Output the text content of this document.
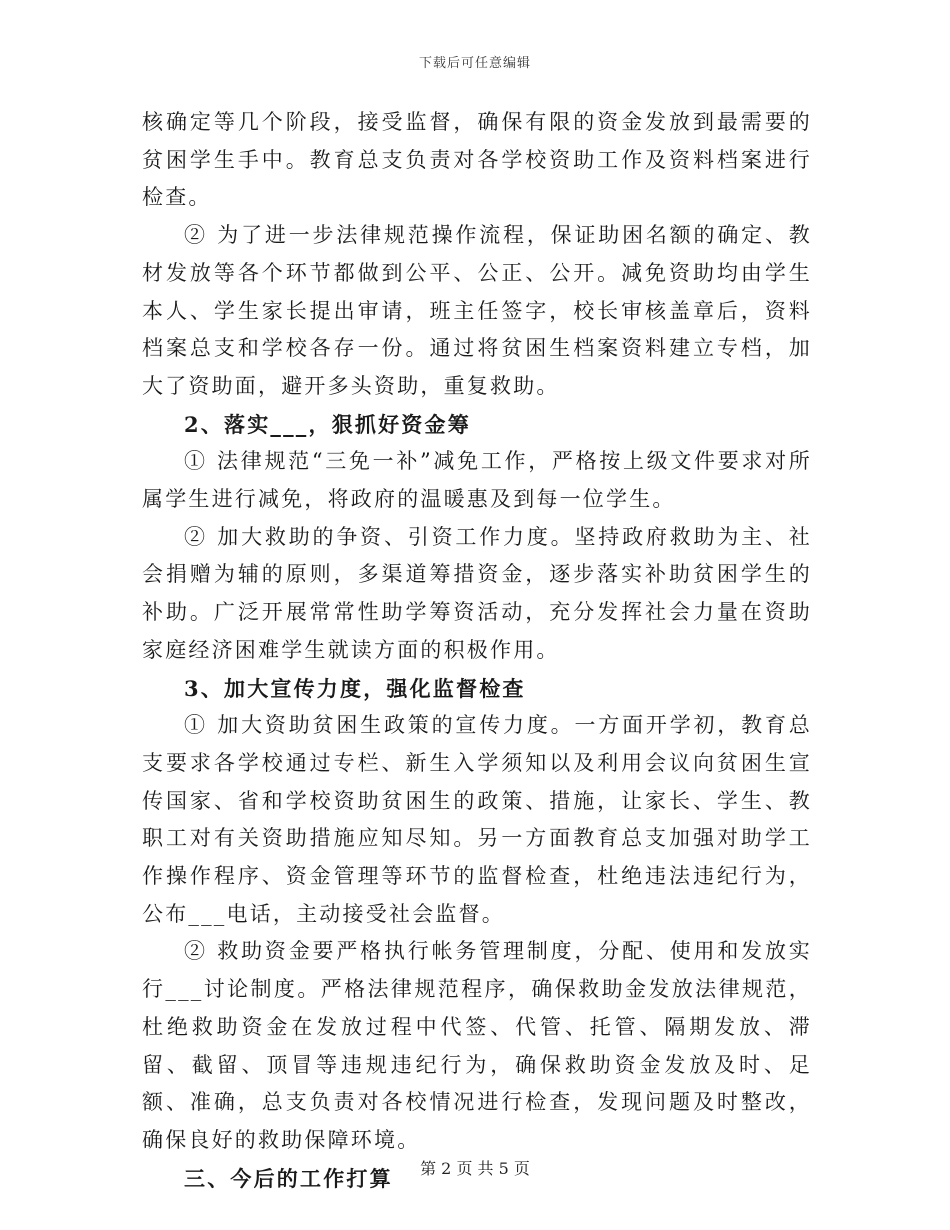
下载后可任意编辑

核确定等几个阶段，接受监督，确保有限的资金发放到最需要的贫困学生手中。教育总支负责对各学校资助工作及资料档案进行检查。

② 为了进一步法律规范操作流程，保证助困名额的确定、教材发放等各个环节都做到公平、公正、公开。减免资助均由学生本人、学生家长提出审请，班主任签字，校长审核盖章后，资料档案总支和学校各存一份。通过将贫困生档案资料建立专档，加大了资助面，避开多头资助，重复救助。

2、落实___，狠抓好资金筹

① 法律规范“三免一补”减免工作，严格按上级文件要求对所属学生进行减免，将政府的温暖惠及到每一位学生。

② 加大救助的争资、引资工作力度。坚持政府救助为主、社会捐赠为辅的原则，多渠道筹措资金，逐步落实补助贫困学生的补助。广泛开展常常性助学筹资活动，充分发挥社会力量在资助家庭经济困难学生就读方面的积极作用。

3、加大宣传力度，强化监督检查

① 加大资助贫困生政策的宣传力度。一方面开学初，教育总支要求各学校通过专栏、新生入学须知以及利用会议向贫困生宣传国家、省和学校资助贫困生的政策、措施，让家长、学生、教职工对有关资助措施应知尽知。另一方面教育总支加强对助学工作操作程序、资金管理等环节的监督检查，杜绝违法违纪行为，公布___电话，主动接受社会监督。

② 救助资金要严格执行帐务管理制度，分配、使用和发放实行___讨论制度。严格法律规范程序，确保救助金发放法律规范，杜绝救助资金在发放过程中代签、代管、托管、隔期发放、滞留、截留、顶冒等违规违纪行为，确保救助资金发放及时、足额、准确，总支负责对各校情况进行检查，发现问题及时整改，确保良好的救助保障环境。

三、今后的工作打算	第 2 页 共 5 页
